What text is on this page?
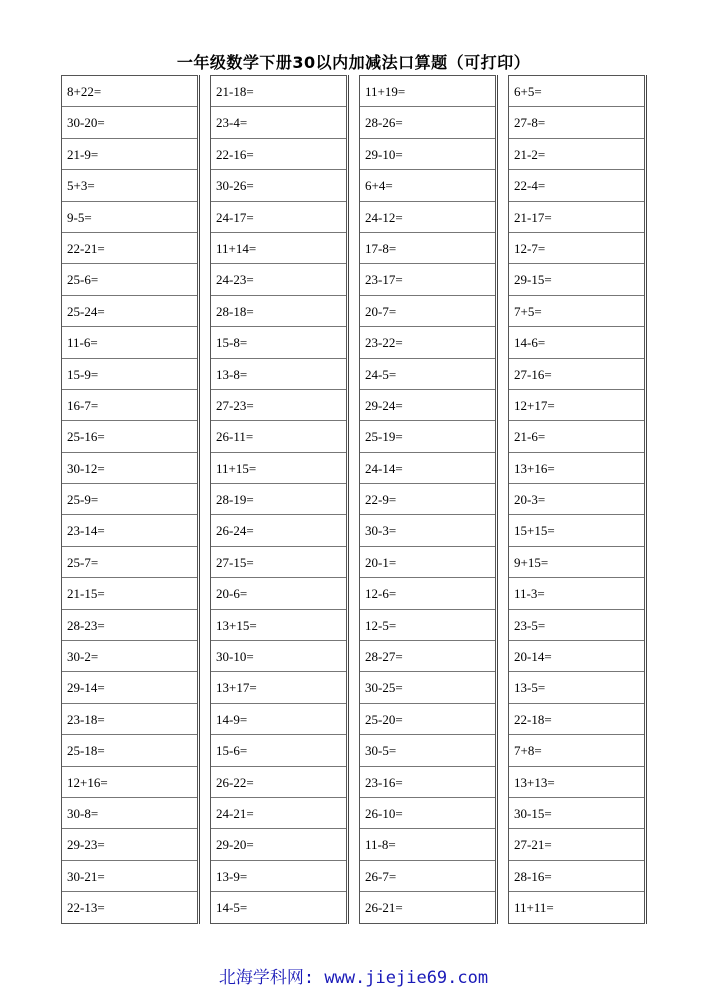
一年级数学下册30以内加减法口算题（可打印）
8+22=
30-20=
21-9=
5+3=
9-5=
22-21=
25-6=
25-24=
11-6=
15-9=
16-7=
25-16=
30-12=
25-9=
23-14=
25-7=
21-15=
28-23=
30-2=
29-14=
23-18=
25-18=
12+16=
30-8=
29-23=
30-21=
22-13=
21-18=
23-4=
22-16=
30-26=
24-17=
11+14=
24-23=
28-18=
15-8=
13-8=
27-23=
26-11=
11+15=
28-19=
26-24=
27-15=
20-6=
13+15=
30-10=
13+17=
14-9=
15-6=
26-22=
24-21=
29-20=
13-9=
14-5=
11+19=
28-26=
29-10=
6+4=
24-12=
17-8=
23-17=
20-7=
23-22=
24-5=
29-24=
25-19=
24-14=
22-9=
30-3=
20-1=
12-6=
12-5=
28-27=
30-25=
25-20=
30-5=
23-16=
26-10=
11-8=
26-7=
26-21=
6+5=
27-8=
21-2=
22-4=
21-17=
12-7=
29-15=
7+5=
14-6=
27-16=
12+17=
21-6=
13+16=
20-3=
15+15=
9+15=
11-3=
23-5=
20-14=
13-5=
22-18=
7+8=
13+13=
30-15=
27-21=
28-16=
11+11=
北海学科网: www.jiejie69.com
